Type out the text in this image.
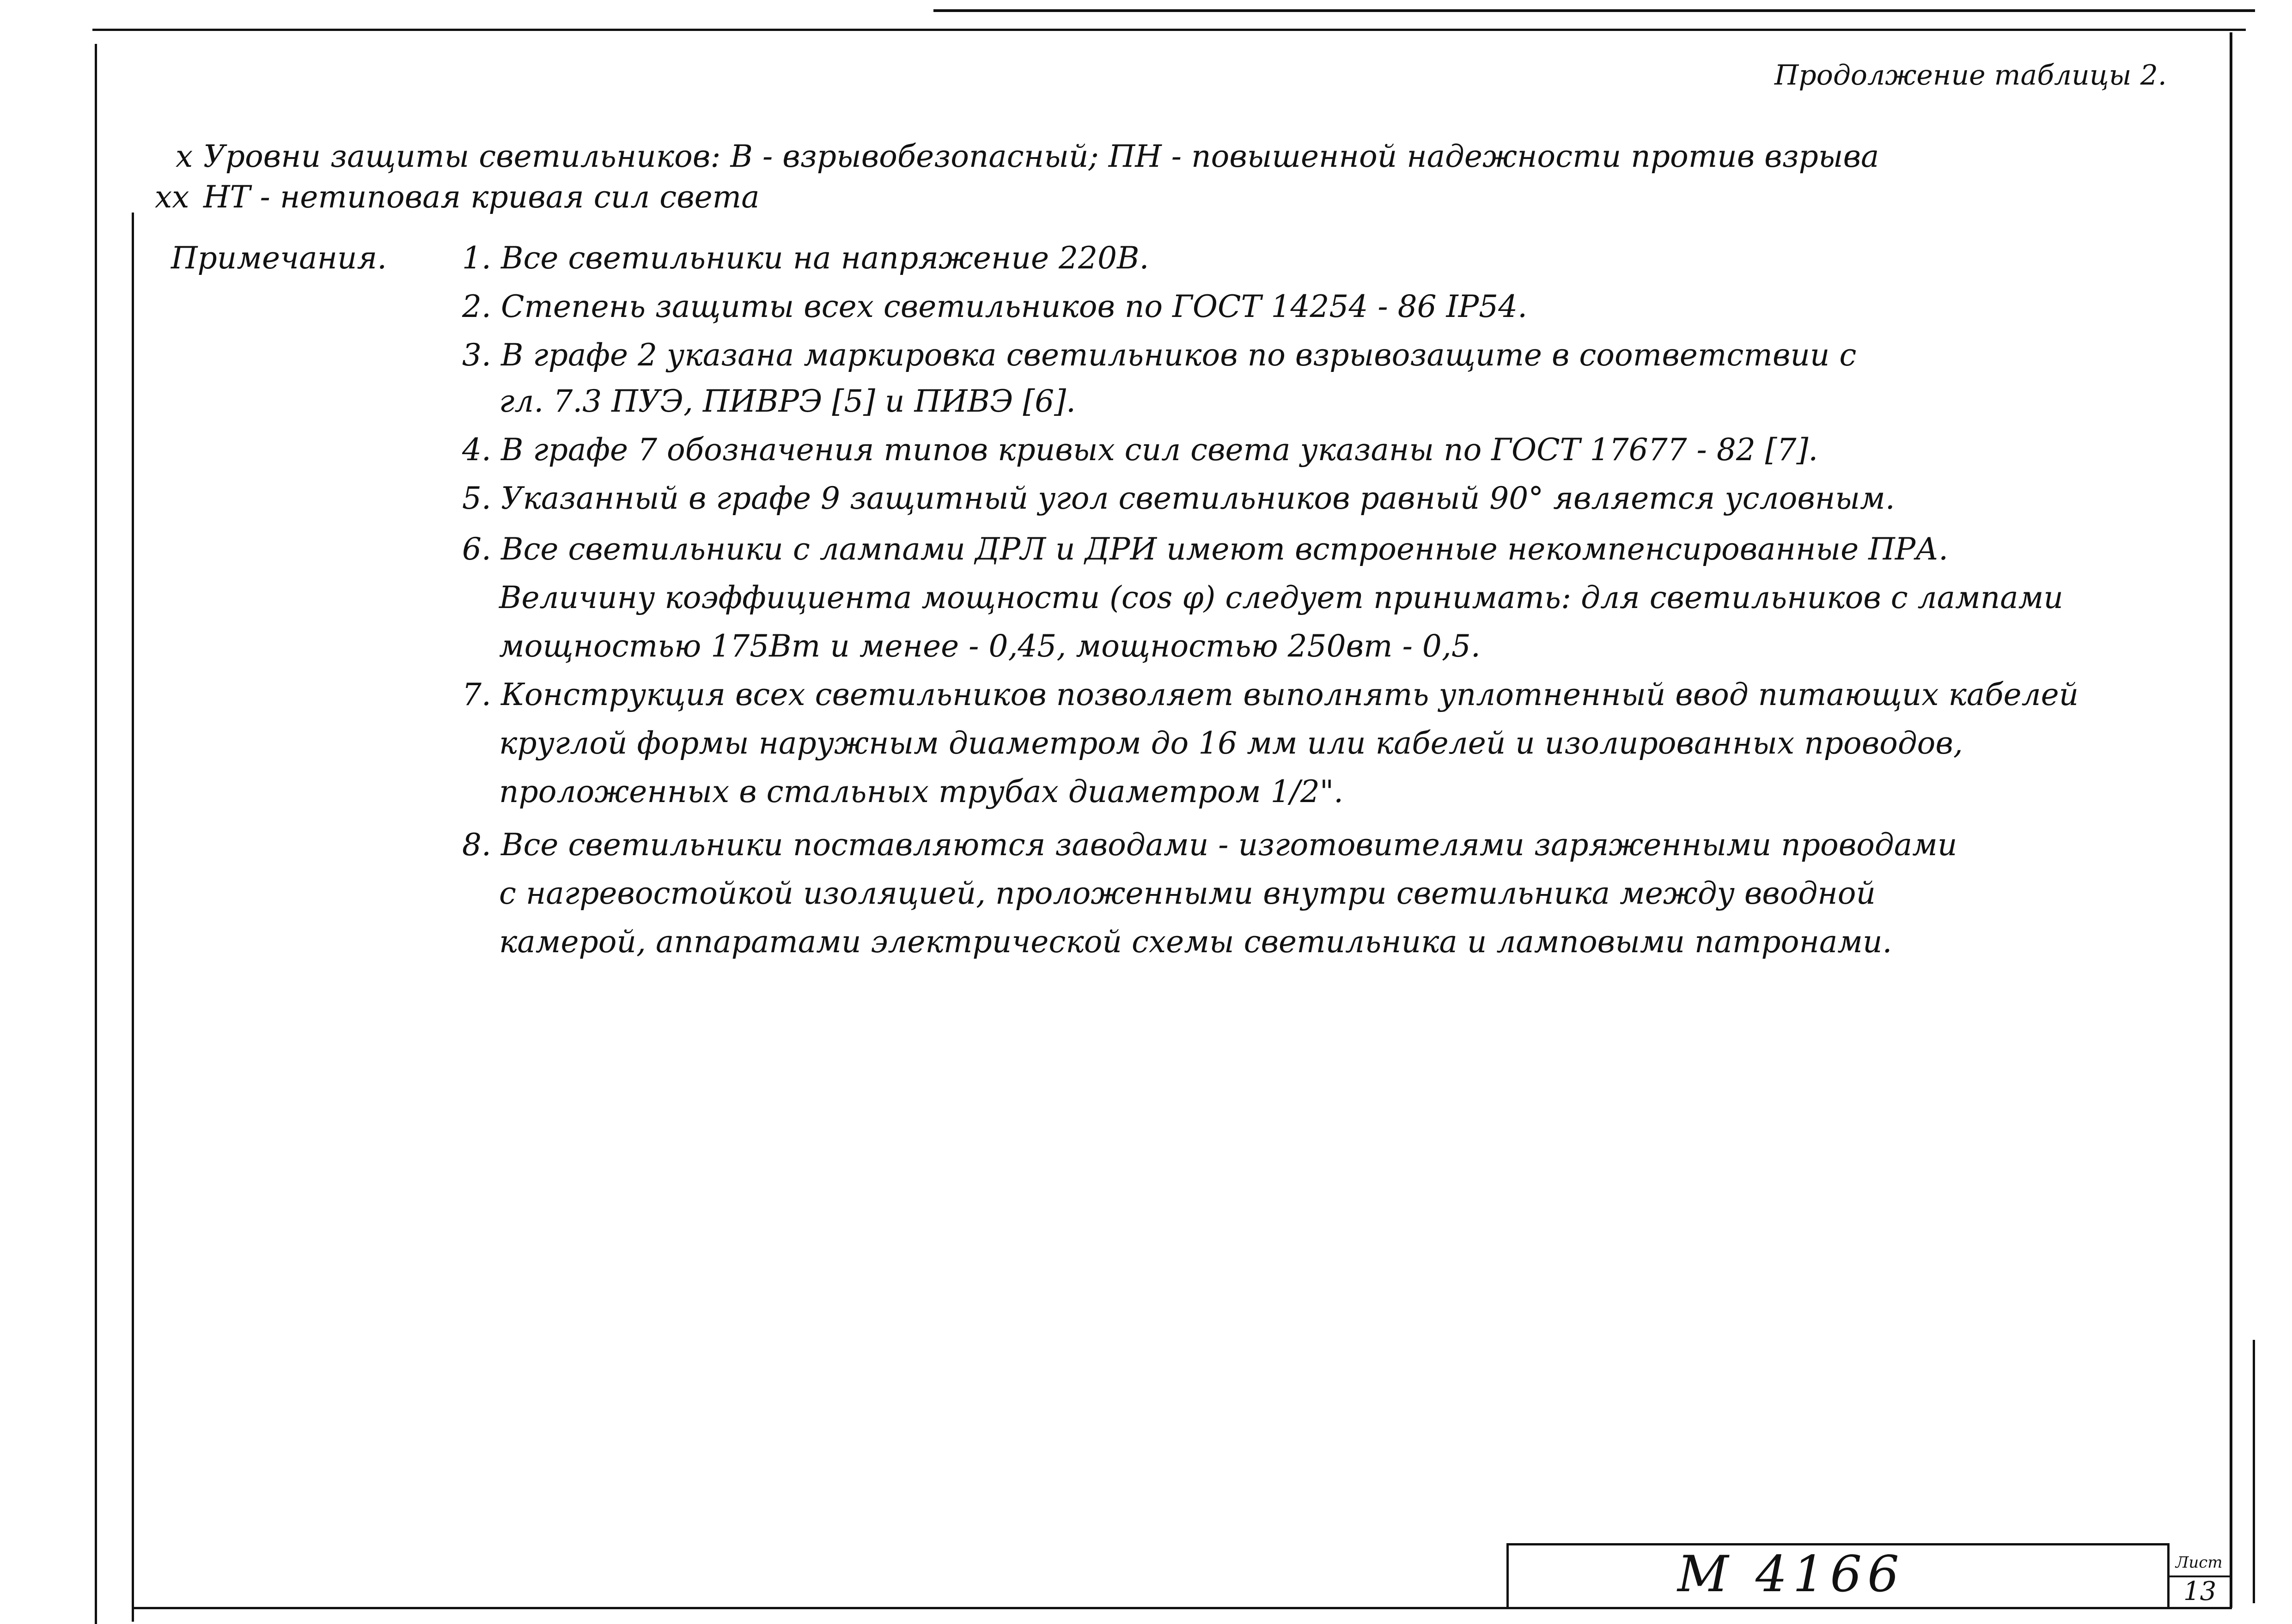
Продолжение таблицы 2.
х Уровни защиты светильников: В - взрывобезопасный; ПН - повышенной надежности против взрыва
хх НТ - нетиповая кривая сил света
Примечания. 1. Все светильники на напряжение 220В.
2. Степень защиты всех светильников по ГОСТ 14254 - 86 IР54.
3. В графе 2 указана маркировка светильников по взрывозащите в соответствии с
гл. 7.3 ПУЭ, ПИВРЭ [5] и ПИВЭ [6].
4. В графе 7 обозначения типов кривых сил света указаны по ГОСТ 17677 - 82 [7].
5. Указанный в графе 9 защитный угол светильников равный 90° является условным.
6. Все светильники с лампами ДРЛ и ДРИ имеют встроенные некомпенсированные ПРА.
Величину коэффициента мощности (cos φ) следует принимать: для светильников с лампами
мощностью 175Вт и менее - 0,45, мощностью 250вт - 0,5.
7. Конструкция всех светильников позволяет выполнять уплотненный ввод питающих кабелей
круглой формы наружным диаметром до 16 мм или кабелей и изолированных проводов,
проложенных в стальных трубах диаметром 1/2".
8. Все светильники поставляются заводами - изготовителями заряженными проводами
с нагревостойкой изоляцией, проложенными внутри светильника между вводной
камерой, аппаратами электрической схемы светильника и ламповыми патронами.
М 4166	Лист
13
